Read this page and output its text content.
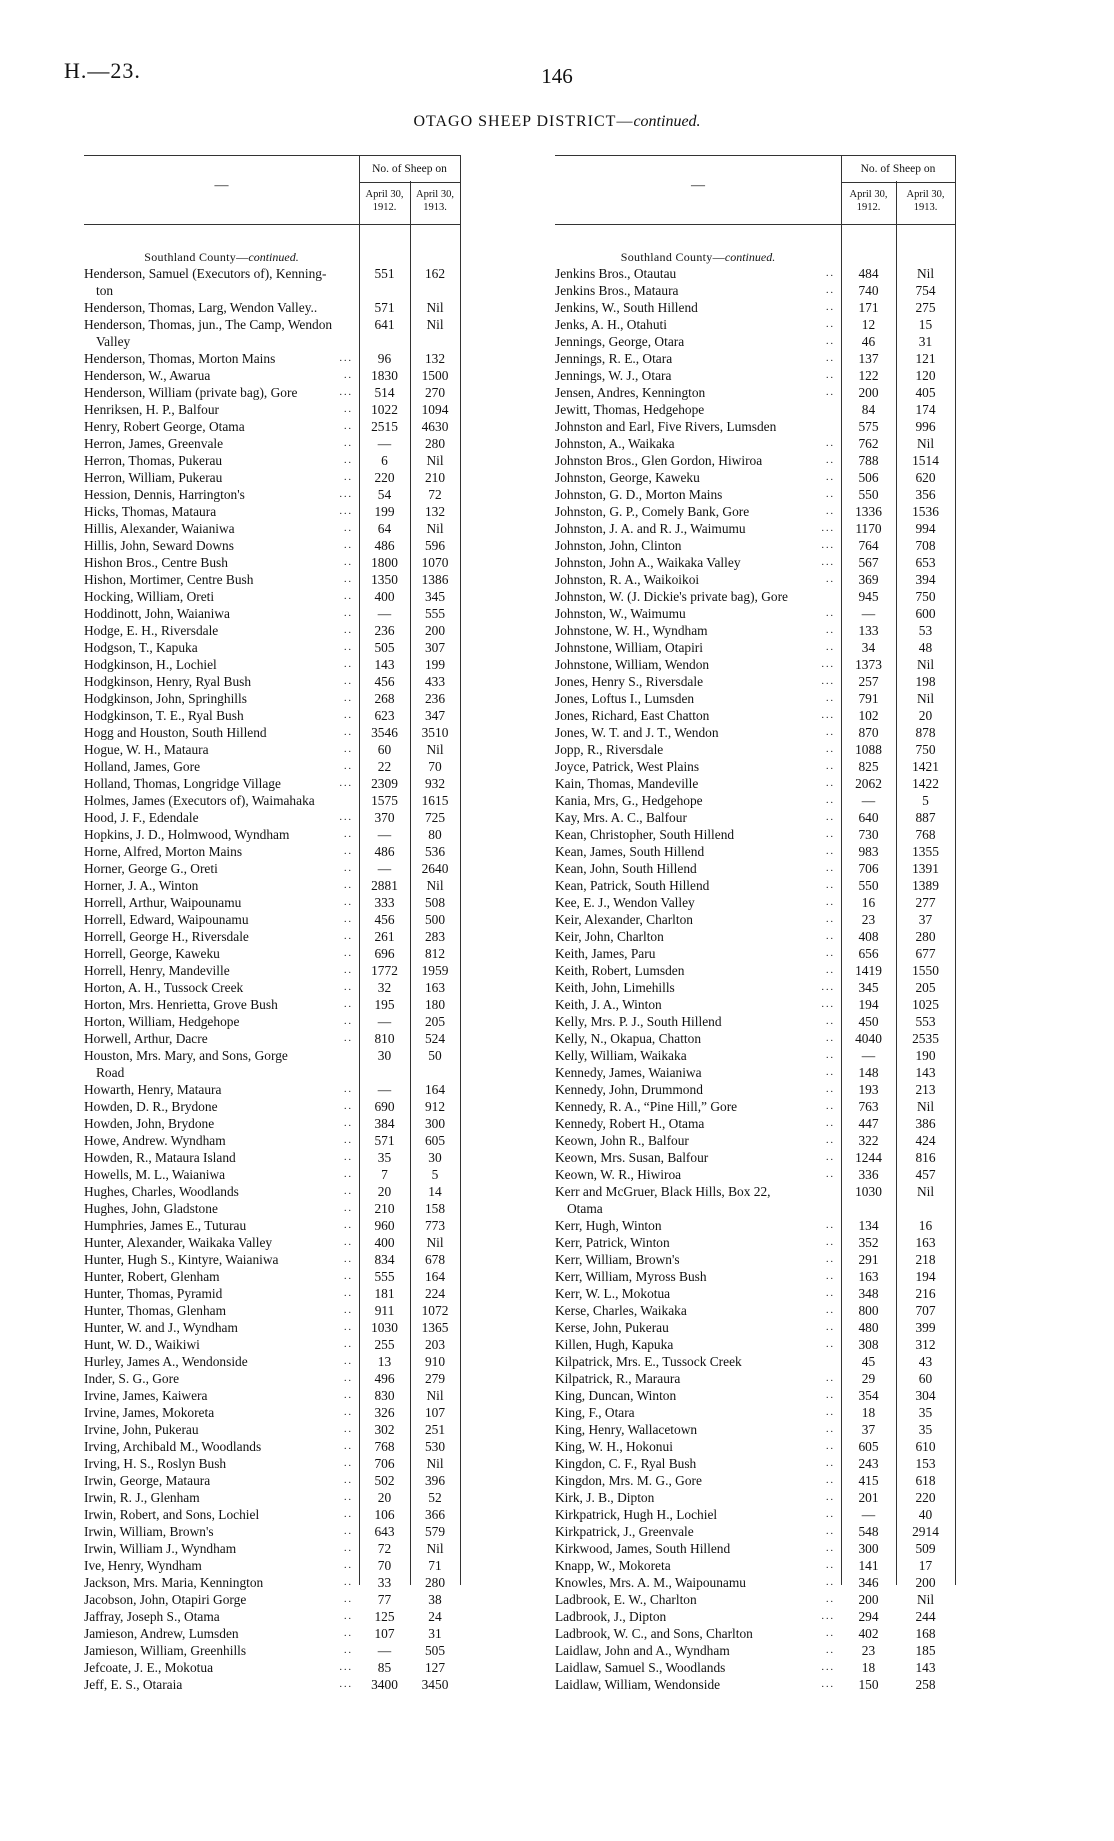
H.—23.	146
OTAGO SHEEP DISTRICT—continued.
—
No. of Sheep on
April 30,
1912.
April 30,
1913.
Southland County—continued.
Henderson, Samuel (Executors of), Kenning-
ton
551	162
Henderson, Thomas, Larg, Wendon Valley..	571	Nil
Henderson, Thomas, jun., The Camp, Wendon
Valley
641	Nil
Henderson, Thomas, Morton Mains	...	96	132
Henderson, W., Awarua	..	1830	1500
Henderson, William (private bag), Gore	...	514	270
Henriksen, H. P., Balfour	..	1022	1094
Henry, Robert George, Otama	..	2515	4630
Herron, James, Greenvale	..	—	280
Herron, Thomas, Pukerau	..	6	Nil
Herron, William, Pukerau	..	220	210
Hession, Dennis, Harrington's	...	54	72
Hicks, Thomas, Mataura	...	199	132
Hillis, Alexander, Waianiwa	..	64	Nil
Hillis, John, Seward Downs	..	486	596
Hishon Bros., Centre Bush	..	1800	1070
Hishon, Mortimer, Centre Bush	..	1350	1386
Hocking, William, Oreti	..	400	345
Hoddinott, John, Waianiwa	..	—	555
Hodge, E. H., Riversdale	..	236	200
Hodgson, T., Kapuka	..	505	307
Hodgkinson, H., Lochiel	..	143	199
Hodgkinson, Henry, Ryal Bush	..	456	433
Hodgkinson, John, Springhills	..	268	236
Hodgkinson, T. E., Ryal Bush	..	623	347
Hogg and Houston, South Hillend	..	3546	3510
Hogue, W. H., Mataura	..	60	Nil
Holland, James, Gore	..	22	70
Holland, Thomas, Longridge Village	...	2309	932
Holmes, James (Executors of), Waimahaka	1575	1615
Hood, J. F., Edendale	...	370	725
Hopkins, J. D., Holmwood, Wyndham	..	—	80
Horne, Alfred, Morton Mains	..	486	536
Horner, George G., Oreti	..	—	2640
Horner, J. A., Winton	..	2881	Nil
Horrell, Arthur, Waipounamu	..	333	508
Horrell, Edward, Waipounamu	..	456	500
Horrell, George H., Riversdale	..	261	283
Horrell, George, Kaweku	..	696	812
Horrell, Henry, Mandeville	..	1772	1959
Horton, A. H., Tussock Creek	..	32	163
Horton, Mrs. Henrietta, Grove Bush	..	195	180
Horton, William, Hedgehope	..	—	205
Horwell, Arthur, Dacre	..	810	524
Houston, Mrs. Mary, and Sons, Gorge
Road
30	50
Howarth, Henry, Mataura	..	—	164
Howden, D. R., Brydone	..	690	912
Howden, John, Brydone	..	384	300
Howe, Andrew. Wyndham	..	571	605
Howden, R., Mataura Island	..	35	30
Howells, M. L., Waianiwa	..	7	5
Hughes, Charles, Woodlands	..	20	14
Hughes, John, Gladstone	..	210	158
Humphries, James E., Tuturau	..	960	773
Hunter, Alexander, Waikaka Valley	..	400	Nil
Hunter, Hugh S., Kintyre, Waianiwa	..	834	678
Hunter, Robert, Glenham	..	555	164
Hunter, Thomas, Pyramid	..	181	224
Hunter, Thomas, Glenham	..	911	1072
Hunter, W. and J., Wyndham	..	1030	1365
Hunt, W. D., Waikiwi	..	255	203
Hurley, James A., Wendonside	..	13	910
Inder, S. G., Gore	..	496	279
Irvine, James, Kaiwera	..	830	Nil
Irvine, James, Mokoreta	..	326	107
Irvine, John, Pukerau	..	302	251
Irving, Archibald M., Woodlands	..	768	530
Irving, H. S., Roslyn Bush	..	706	Nil
Irwin, George, Mataura	..	502	396
Irwin, R. J., Glenham	..	20	52
Irwin, Robert, and Sons, Lochiel	..	106	366
Irwin, William, Brown's	..	643	579
Irwin, William J., Wyndham	..	72	Nil
Ive, Henry, Wyndham	..	70	71
Jackson, Mrs. Maria, Kennington	..	33	280
Jacobson, John, Otapiri Gorge	..	77	38
Jaffray, Joseph S., Otama	..	125	24
Jamieson, Andrew, Lumsden	..	107	31
Jamieson, William, Greenhills	..	—	505
Jefcoate, J. E., Mokotua	...	85	127
Jeff, E. S., Otaraia	...	3400	3450
—
No. of Sheep on
April 30,
1912.
April 30,
1913.
Southland County—continued.
Jenkins Bros., Otautau	..	484	Nil
Jenkins Bros., Mataura	..	740	754
Jenkins, W., South Hillend	..	171	275
Jenks, A. H., Otahuti	..	12	15
Jennings, George, Otara	..	46	31
Jennings, R. E., Otara	..	137	121
Jennings, W. J., Otara	..	122	120
Jensen, Andres, Kennington	..	200	405
Jewitt, Thomas, Hedgehope	84	174
Johnston and Earl, Five Rivers, Lumsden	575	996
Johnston, A., Waikaka	..	762	Nil
Johnston Bros., Glen Gordon, Hiwiroa	..	788	1514
Johnston, George, Kaweku	..	506	620
Johnston, G. D., Morton Mains	..	550	356
Johnston, G. P., Comely Bank, Gore	..	1336	1536
Johnston, J. A. and R. J., Waimumu	...	1170	994
Johnston, John, Clinton	...	764	708
Johnston, John A., Waikaka Valley	...	567	653
Johnston, R. A., Waikoikoi	..	369	394
Johnston, W. (J. Dickie's private bag), Gore	945	750
Johnston, W., Waimumu	..	—	600
Johnstone, W. H., Wyndham	..	133	53
Johnstone, William, Otapiri	..	34	48
Johnstone, William, Wendon	...	1373	Nil
Jones, Henry S., Riversdale	...	257	198
Jones, Loftus I., Lumsden	..	791	Nil
Jones, Richard, East Chatton	...	102	20
Jones, W. T. and J. T., Wendon	..	870	878
Jopp, R., Riversdale	..	1088	750
Joyce, Patrick, West Plains	..	825	1421
Kain, Thomas, Mandeville	..	2062	1422
Kania, Mrs, G., Hedgehope	..	—	5
Kay, Mrs. A. C., Balfour	..	640	887
Kean, Christopher, South Hillend	..	730	768
Kean, James, South Hillend	..	983	1355
Kean, John, South Hillend	..	706	1391
Kean, Patrick, South Hillend	..	550	1389
Kee, E. J., Wendon Valley	..	16	277
Keir, Alexander, Charlton	..	23	37
Keir, John, Charlton	..	408	280
Keith, James, Paru	..	656	677
Keith, Robert, Lumsden	..	1419	1550
Keith, John, Limehills	...	345	205
Keith, J. A., Winton	...	194	1025
Kelly, Mrs. P. J., South Hillend	..	450	553
Kelly, N., Okapua, Chatton	..	4040	2535
Kelly, William, Waikaka	..	—	190
Kennedy, James, Waianiwa	..	148	143
Kennedy, John, Drummond	..	193	213
Kennedy, R. A., “Pine Hill,” Gore	..	763	Nil
Kennedy, Robert H., Otama	..	447	386
Keown, John R., Balfour	..	322	424
Keown, Mrs. Susan, Balfour	..	1244	816
Keown, W. R., Hiwiroa	..	336	457
Kerr and McGruer, Black Hills, Box 22,
Otama
1030	Nil
Kerr, Hugh, Winton	..	134	16
Kerr, Patrick, Winton	..	352	163
Kerr, William, Brown's	..	291	218
Kerr, William, Myross Bush	..	163	194
Kerr, W. L., Mokotua	..	348	216
Kerse, Charles, Waikaka	..	800	707
Kerse, John, Pukerau	..	480	399
Killen, Hugh, Kapuka	..	308	312
Kilpatrick, Mrs. E., Tussock Creek	45	43
Kilpatrick, R., Maraura	..	29	60
King, Duncan, Winton	..	354	304
King, F., Otara	..	18	35
King, Henry, Wallacetown	..	37	35
King, W. H., Hokonui	..	605	610
Kingdon, C. F., Ryal Bush	..	243	153
Kingdon, Mrs. M. G., Gore	..	415	618
Kirk, J. B., Dipton	..	201	220
Kirkpatrick, Hugh H., Lochiel	..	—	40
Kirkpatrick, J., Greenvale	..	548	2914
Kirkwood, James, South Hillend	..	300	509
Knapp, W., Mokoreta	..	141	17
Knowles, Mrs. A. M., Waipounamu	..	346	200
Ladbrook, E. W., Charlton	..	200	Nil
Ladbrook, J., Dipton	...	294	244
Ladbrook, W. C., and Sons, Charlton	..	402	168
Laidlaw, John and A., Wyndham	..	23	185
Laidlaw, Samuel S., Woodlands	...	18	143
Laidlaw, William, Wendonside	...	150	258
